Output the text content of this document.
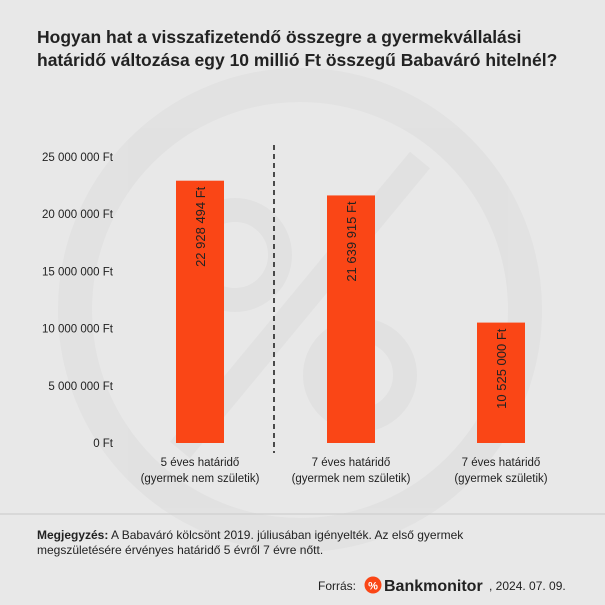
Hogyan hat a visszafizetendő összegre a gyermekvállalási
határidő változása egy 10 millió Ft összegű Babaváró hitelnél?
0 Ft
5 000 000 Ft
10 000 000 Ft
15 000 000 Ft
20 000 000 Ft
25 000 000 Ft
22 928 494 Ft	21 639 915 Ft
10 525 000 Ft
5 éves határidő
(gyermek nem születik)
7 éves határidő
(gyermek nem születik)
7 éves határidő
(gyermek születik)
Megjegyzés: A Babaváró kölcsönt 2019. júliusában igényelték. Az első gyermek
megszületésére érvényes határidő 5 évről 7 évre nőtt.
Forrás: % Bankmonitor , 2024. 07. 09.
